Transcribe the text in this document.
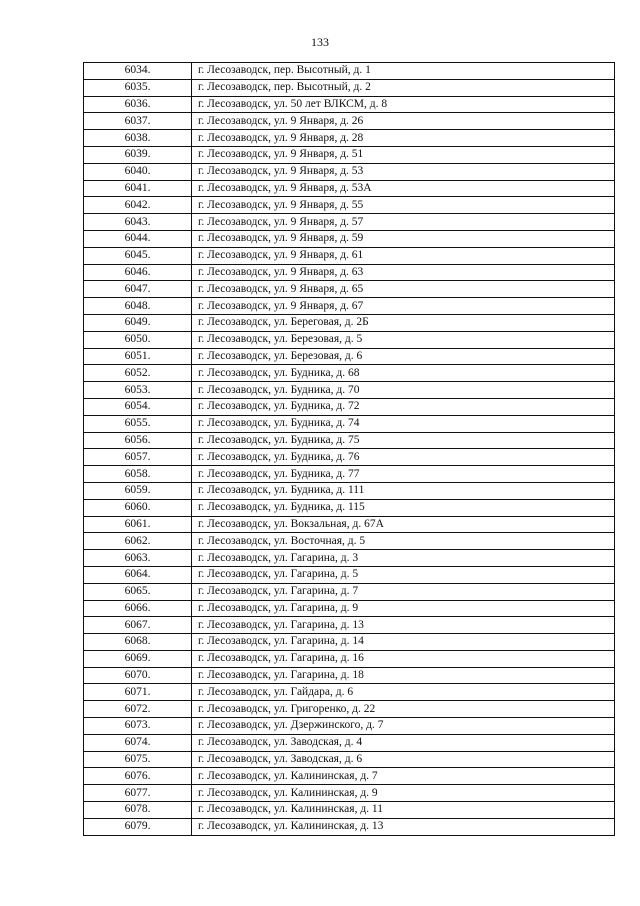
133
6034.	г. Лесозаводск, пер. Высотный, д. 1
6035.	г. Лесозаводск, пер. Высотный, д. 2
6036.	г. Лесозаводск, ул. 50 лет ВЛКСМ, д. 8
6037.	г. Лесозаводск, ул. 9 Января, д. 26
6038.	г. Лесозаводск, ул. 9 Января, д. 28
6039.	г. Лесозаводск, ул. 9 Января, д. 51
6040.	г. Лесозаводск, ул. 9 Января, д. 53
6041.	г. Лесозаводск, ул. 9 Января, д. 53А
6042.	г. Лесозаводск, ул. 9 Января, д. 55
6043.	г. Лесозаводск, ул. 9 Января, д. 57
6044.	г. Лесозаводск, ул. 9 Января, д. 59
6045.	г. Лесозаводск, ул. 9 Января, д. 61
6046.	г. Лесозаводск, ул. 9 Января, д. 63
6047.	г. Лесозаводск, ул. 9 Января, д. 65
6048.	г. Лесозаводск, ул. 9 Января, д. 67
6049.	г. Лесозаводск, ул. Береговая, д. 2Б
6050.	г. Лесозаводск, ул. Березовая, д. 5
6051.	г. Лесозаводск, ул. Березовая, д. 6
6052.	г. Лесозаводск, ул. Будника, д. 68
6053.	г. Лесозаводск, ул. Будника, д. 70
6054.	г. Лесозаводск, ул. Будника, д. 72
6055.	г. Лесозаводск, ул. Будника, д. 74
6056.	г. Лесозаводск, ул. Будника, д. 75
6057.	г. Лесозаводск, ул. Будника, д. 76
6058.	г. Лесозаводск, ул. Будника, д. 77
6059.	г. Лесозаводск, ул. Будника, д. 111
6060.	г. Лесозаводск, ул. Будника, д. 115
6061.	г. Лесозаводск, ул. Вокзальная, д. 67А
6062.	г. Лесозаводск, ул. Восточная, д. 5
6063.	г. Лесозаводск, ул. Гагарина, д. 3
6064.	г. Лесозаводск, ул. Гагарина, д. 5
6065.	г. Лесозаводск, ул. Гагарина, д. 7
6066.	г. Лесозаводск, ул. Гагарина, д. 9
6067.	г. Лесозаводск, ул. Гагарина, д. 13
6068.	г. Лесозаводск, ул. Гагарина, д. 14
6069.	г. Лесозаводск, ул. Гагарина, д. 16
6070.	г. Лесозаводск, ул. Гагарина, д. 18
6071.	г. Лесозаводск, ул. Гайдара, д. 6
6072.	г. Лесозаводск, ул. Григоренко, д. 22
6073.	г. Лесозаводск, ул. Дзержинского, д. 7
6074.	г. Лесозаводск, ул. Заводская, д. 4
6075.	г. Лесозаводск, ул. Заводская, д. 6
6076.	г. Лесозаводск, ул. Калининская, д. 7
6077.	г. Лесозаводск, ул. Калининская, д. 9
6078.	г. Лесозаводск, ул. Калининская, д. 11
6079.	г. Лесозаводск, ул. Калининская, д. 13
